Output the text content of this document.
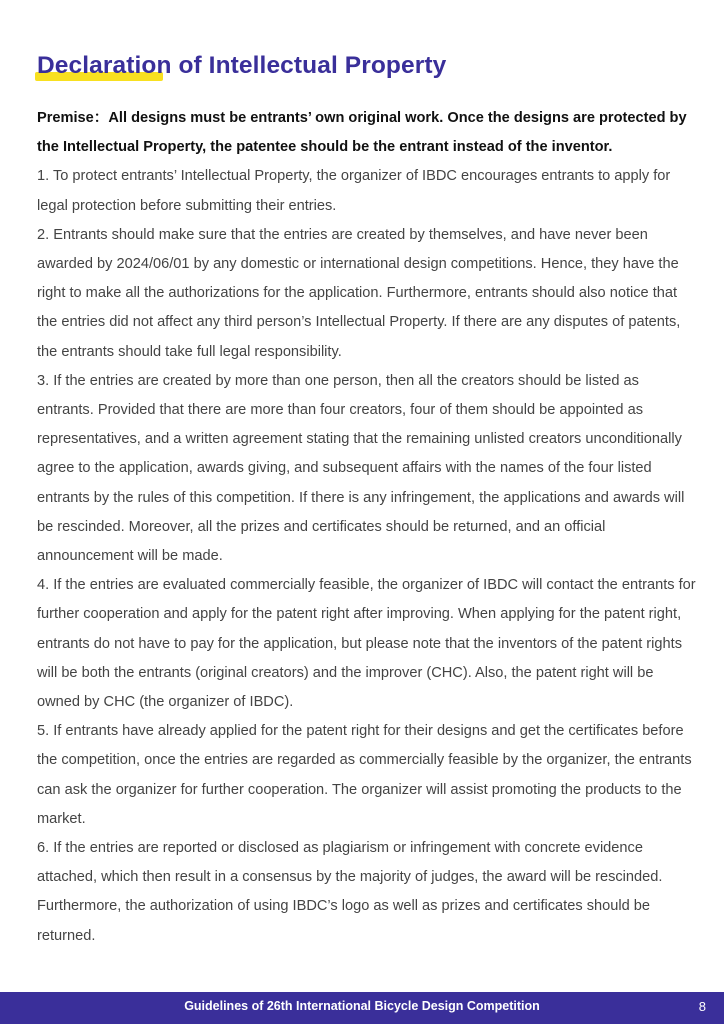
Declaration of Intellectual Property

Premise：All designs must be entrants’ own original work. Once the designs are protected by the Intellectual Property, the patentee should be the entrant instead of the inventor.

1. To protect entrants’ Intellectual Property, the organizer of IBDC encourages entrants to apply for legal protection before submitting their entries.

2. Entrants should make sure that the entries are created by themselves, and have never been awarded by 2024/06/01 by any domestic or international design competitions. Hence, they have the right to make all the authorizations for the application. Furthermore, entrants should also notice that the entries did not affect any third person’s Intellectual Property. If there are any disputes of patents, the entrants should take full legal responsibility.

3. If the entries are created by more than one person, then all the creators should be listed as entrants. Provided that there are more than four creators, four of them should be appointed as representatives, and a written agreement stating that the remaining unlisted creators unconditionally agree to the application, awards giving, and subsequent affairs with the names of the four listed entrants by the rules of this competition. If there is any infringement, the applications and awards will be rescinded. Moreover, all the prizes and certificates should be returned, and an official announcement will be made.

4. If the entries are evaluated commercially feasible, the organizer of IBDC will contact the entrants for further cooperation and apply for the patent right after improving. When applying for the patent right, entrants do not have to pay for the application, but please note that the inventors of the patent rights will be both the entrants (original creators) and the improver (CHC). Also, the patent right will be owned by CHC (the organizer of IBDC).

5. If entrants have already applied for the patent right for their designs and get the certificates before the competition, once the entries are regarded as commercially feasible by the organizer, the entrants can ask the organizer for further cooperation. The organizer will assist promoting the products to the market.

6. If the entries are reported or disclosed as plagiarism or infringement with concrete evidence attached, which then result in a consensus by the majority of judges, the award will be rescinded. Furthermore, the authorization of using IBDC’s logo as well as prizes and certificates should be returned.

Guidelines of 26th International Bicycle Design Competition	8
